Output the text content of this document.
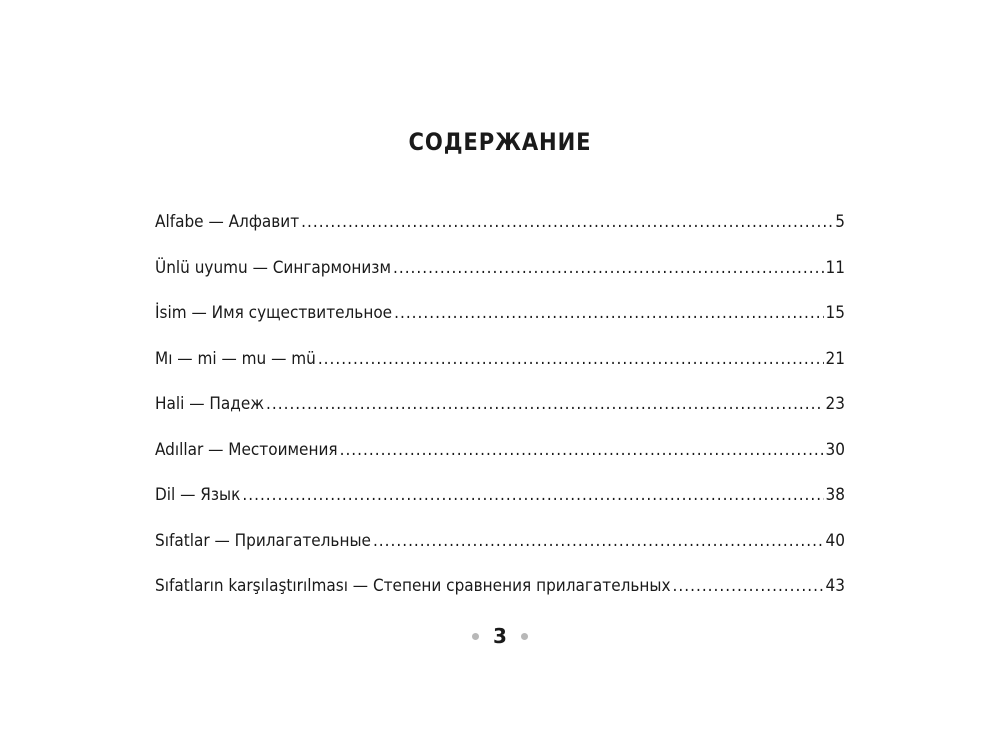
СОДЕРЖАНИЕ
Alfabe — Алфавит .....	5
Ünlü uyumu — Сингармонизм .....	11
İsim — Имя существительное .....	15
Mı — mi — mu — mü .....	21
Hali — Падеж .....	23
Adıllar — Местоимения .....	30
Dil — Язык .....	38
Sıfatlar — Прилагательные .....	40
Sıfatların karşılaştırılması — Степени сравнения прилагательных .....	43
3
